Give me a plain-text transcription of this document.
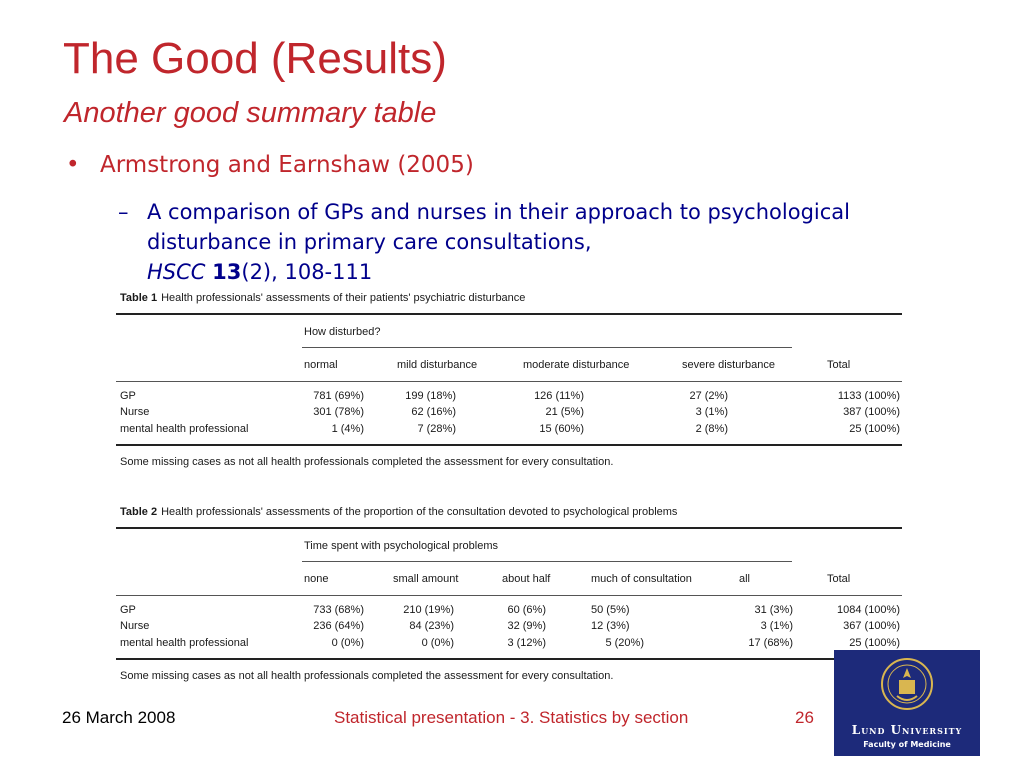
The Good (Results)
Another good summary table
• Armstrong and Earnshaw (2005)
– A comparison of GPs and nurses in their approach to psychological disturbance in primary care consultations,
HSCC 13(2), 108-111
Table 1 Health professionals' assessments of their patients' psychiatric disturbance
How disturbed?
normal	mild disturbance	moderate disturbance	severe disturbance	Total
GP	781 (69%)	199 (18%)	126 (11%)	27 (2%)	1133 (100%)
Nurse	301 (78%)	62 (16%)	21 (5%)	3 (1%)	387 (100%)
mental health professional	1 (4%)	7 (28%)	15 (60%)	2 (8%)	25 (100%)
Some missing cases as not all health professionals completed the assessment for every consultation.
Table 2 Health professionals' assessments of the proportion of the consultation devoted to psychological problems
Time spent with psychological problems
none	small amount	about half	much of consultation	all	Total
GP	733 (68%)	210 (19%)	60 (6%)	50 (5%)	31 (3%)	1084 (100%)
Nurse	236 (64%)	84 (23%)	32 (9%)	12 (3%)	3 (1%)	367 (100%)
mental health professional	0 (0%)	0 (0%)	3 (12%)	5 (20%)	17 (68%)	25 (100%)
Some missing cases as not all health professionals completed the assessment for every consultation.
26 March 2008	Statistical presentation - 3. Statistics by section	26
Lund University
Faculty of Medicine
